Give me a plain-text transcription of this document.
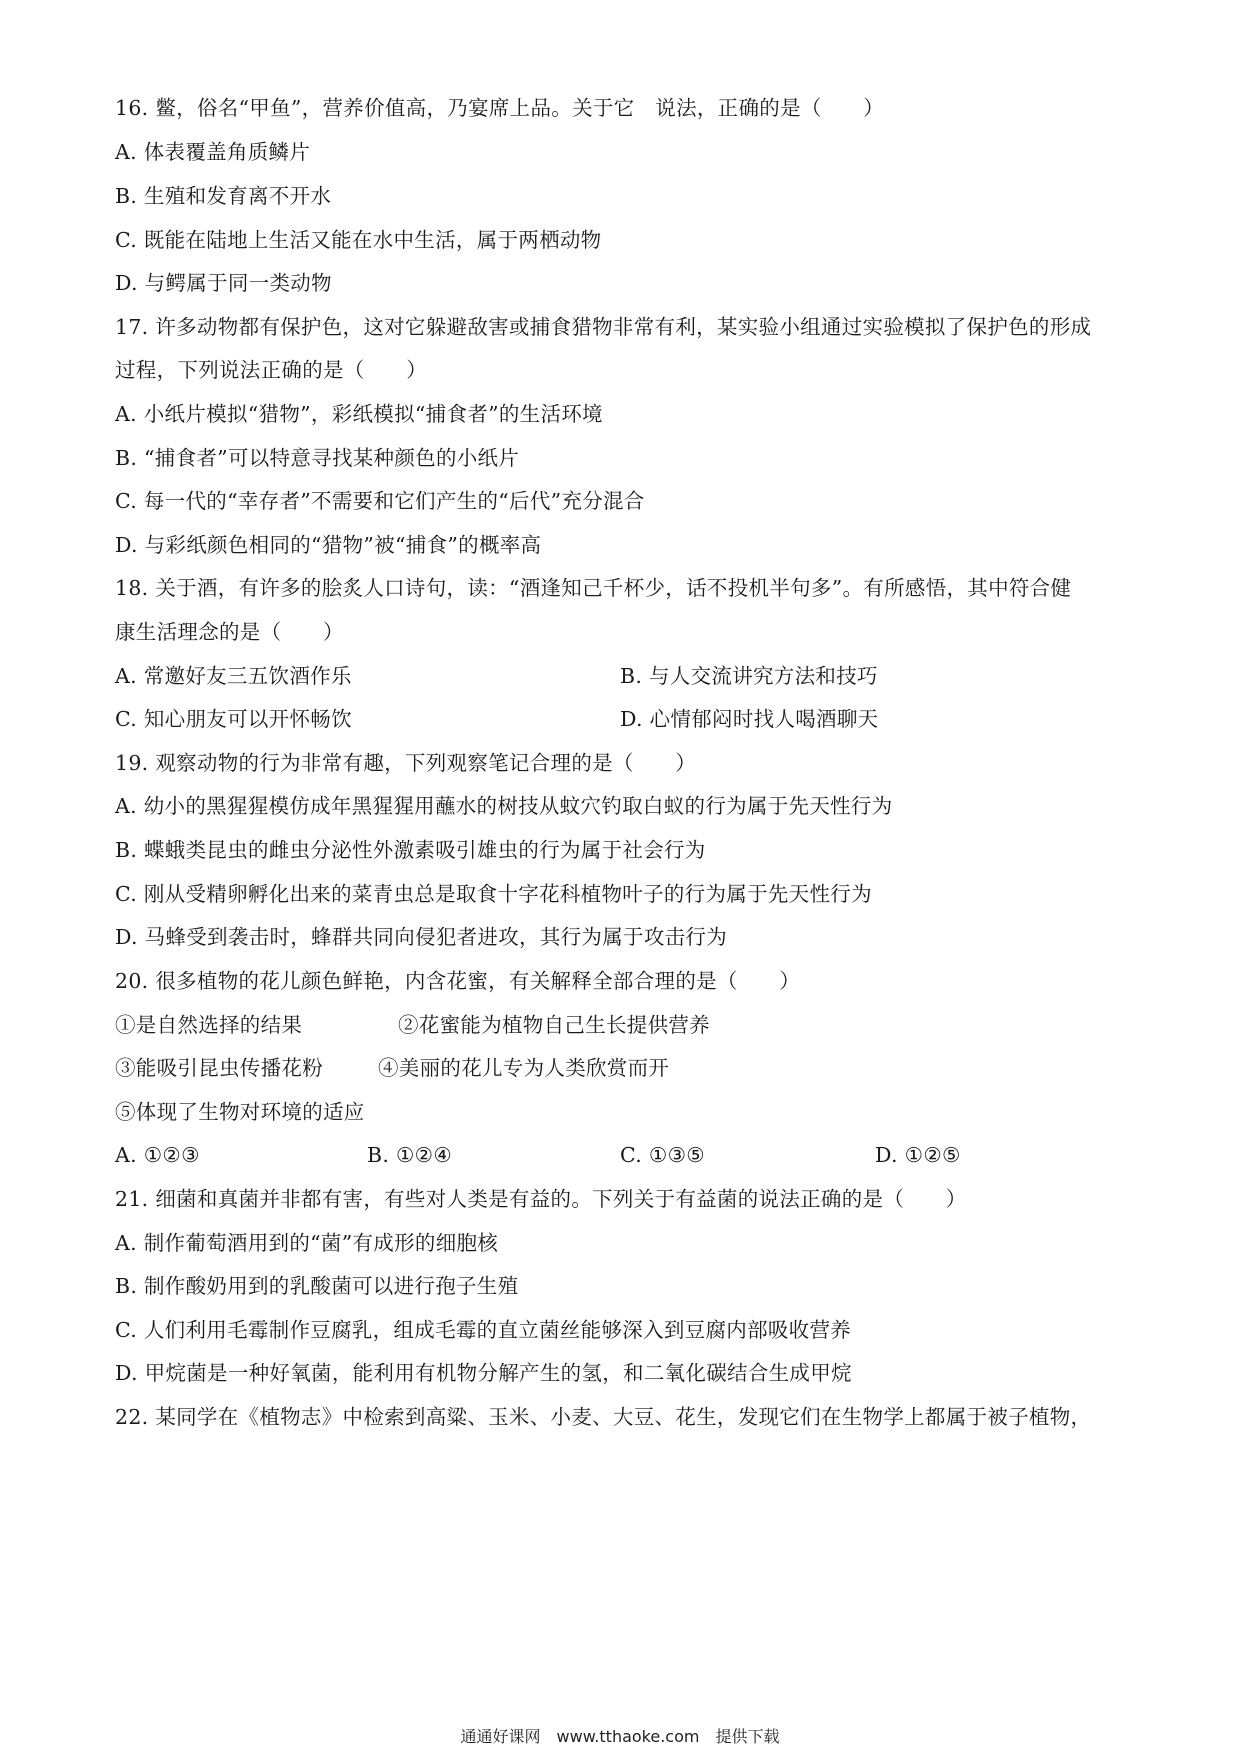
16. 鳖，俗名“甲鱼”，营养价值高，乃宴席上品。关于它　说法，正确的是（　　）
A. 体表覆盖角质鳞片
B. 生殖和发育离不开水
C. 既能在陆地上生活又能在水中生活，属于两栖动物
D. 与鳄属于同一类动物
17. 许多动物都有保护色，这对它躲避敌害或捕食猎物非常有利，某实验小组通过实验模拟了保护色的形成
过程，下列说法正确的是（　　）
A. 小纸片模拟“猎物”，彩纸模拟“捕食者”的生活环境
B. “捕食者”可以特意寻找某种颜色的小纸片
C. 每一代的“幸存者”不需要和它们产生的“后代”充分混合
D. 与彩纸颜色相同的“猎物”被“捕食”的概率高
18. 关于酒，有许多的脍炙人口诗句，读：“酒逢知己千杯少，话不投机半句多”。有所感悟，其中符合健
康生活理念的是（　　）
A. 常邀好友三五饮酒作乐	B. 与人交流讲究方法和技巧
C. 知心朋友可以开怀畅饮	D. 心情郁闷时找人喝酒聊天
19. 观察动物的行为非常有趣，下列观察笔记合理的是（　　）
A. 幼小的黑猩猩模仿成年黑猩猩用蘸水的树技从蚊穴钓取白蚁的行为属于先天性行为
B. 蝶蛾类昆虫的雌虫分泌性外激素吸引雄虫的行为属于社会行为
C. 刚从受精卵孵化出来的菜青虫总是取食十字花科植物叶子的行为属于先天性行为
D. 马蜂受到袭击时，蜂群共同向侵犯者进攻，其行为属于攻击行为
20. 很多植物的花儿颜色鲜艳，内含花蜜，有关解释全部合理的是（　　）
①是自然选择的结果	②花蜜能为植物自己生长提供营养
③能吸引昆虫传播花粉	④美丽的花儿专为人类欣赏而开
⑤体现了生物对环境的适应
A. ①②③	B. ①②④	C. ①③⑤	D. ①②⑤
21. 细菌和真菌并非都有害，有些对人类是有益的。下列关于有益菌的说法正确的是（　　）
A. 制作葡萄酒用到的“菌”有成形的细胞核
B. 制作酸奶用到的乳酸菌可以进行孢子生殖
C. 人们利用毛霉制作豆腐乳，组成毛霉的直立菌丝能够深入到豆腐内部吸收营养
D. 甲烷菌是一种好氧菌，能利用有机物分解产生的氢，和二氧化碳结合生成甲烷
22. 某同学在《植物志》中检索到高粱、玉米、小麦、大豆、花生，发现它们在生物学上都属于被子植物，
通通好课网　www.tthaoke.com　提供下载
